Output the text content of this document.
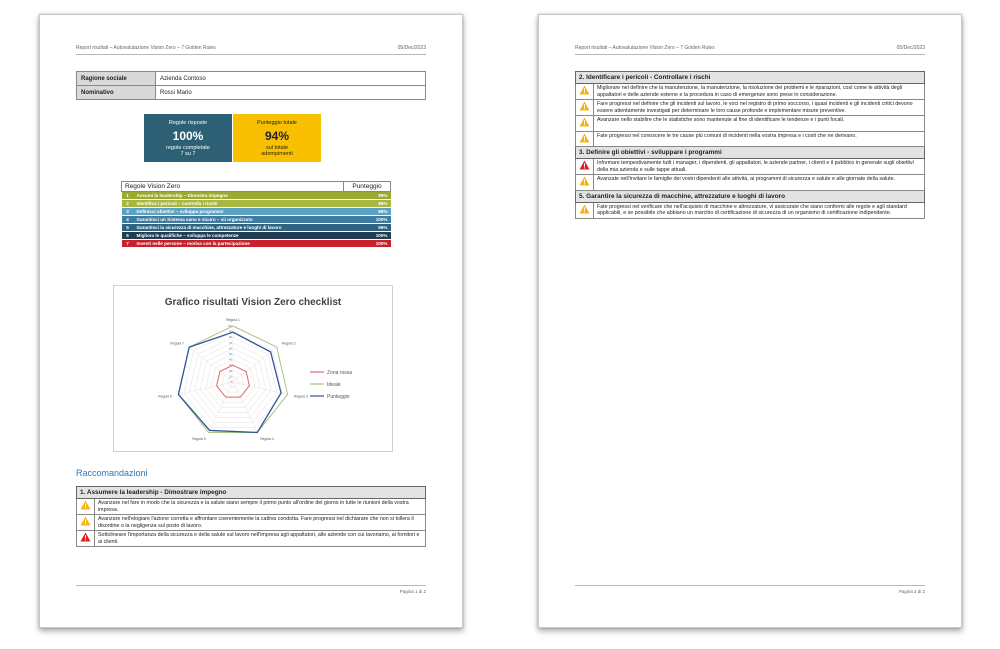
Report risultati – Autovalutazione Vision Zero – 7 Golden Rules	05/Dec/2023
Ragione sociale	Azienda Contoso
Nominativo	Rossi Mario
Regole risposte
100%
regole completate
7 su 7
Punteggio totale
94%
sul totale
adempimenti
Regole Vision Zero		Punteggio
1	Assumi la leadership – Dimostra impegno	89%
2	Identifica i pericoli – controlla i rischi	86%
3	Definisci obiettivi – sviluppa programmi	88%
4	Garantisci un Sistema sano e sicuro – sii organizzato	100%
5	Garantisci la sicurezza di macchine, attrezzature e luoghi di lavoro	96%
6	Migliora le qualifiche – sviluppa le competenze	100%
7	Investi nelle persone – motiva con la partecipazione	100%
Grafico risultati Vision Zero checklist
100
90
80
70
60
50
40
30
20
10
0
Regola 1
Regola 2
Regola 3
Regola 4
Regola 5
Regola 6
Regola 7
Zona rossa
Ideale
Punteggio
Raccomandazioni
1. Assumere la leadership - Dimostrare impegno	
	Avanzare nel fare in modo che la sicurezza e la salute siano sempre il primo punto all'ordine del giorno in tutte le riunioni della vostra impresa.
	Avanzare nell'elogiare l'azione corretta e affrontare coerentemente la cattiva condotta. Fare progressi nel dichiarare che non si tollera il disordine o la negligenza sul posto di lavoro.
	Sottolineare l'importanza della sicurezza e della salute sul lavoro nell'impresa agli appaltatori, alle aziende con cui lavoriamo, ai fornitori e ai clienti.
Pagina 1 di 2
Report risultati – Autovalutazione Vision Zero – 7 Golden Rules	05/Dec/2023
2. Identificare i pericoli - Controllare i rischi	
	Migliorare nel definire che la manutenzione, la manutenzione, la risoluzione dei problemi e le riparazioni, così come le attività degli appaltatori e delle aziende esterne e la procedura in caso di emergenze sono prese in considerazione.
	Fare progressi nel definire che gli incidenti sul lavoro, le voci nel registro di primo soccorso, i quasi incidenti e gli incidenti critici devono essere attentamente investigati per determinare le loro cause profonde e implementare misure preventive.
	Avanzare nello stabilire che le statistiche sono mantenute al fine di identificare le tendenze e i punti focali.
	Fate progressi nel conoscere le tre cause più comuni di incidenti nella vostra impresa e i costi che ne derivano.
3. Definire gli obiettivi - sviluppare i programmi	
	Informare tempestivamente tutti i manager, i dipendenti, gli appaltatori, le aziende partner, i clienti e il pubblico in generale sugli obiettivi della mia azienda e sulle tappe attuali.
	Avanzate nell'invitare le famiglie dei vostri dipendenti alle attività, ai programmi di sicurezza e salute e alle giornate della salute.
5. Garantire la sicurezza di macchine, attrezzature e luoghi di lavoro	
	Fate progressi nel verificare che nell'acquisto di macchine e attrezzature, vi assicurate che siano conformi alle regole e agli standard applicabili, e se possibile che abbiano un marchio di certificazione di sicurezza di un organismo di certificazione indipendente.
Pagina 2 di 2
